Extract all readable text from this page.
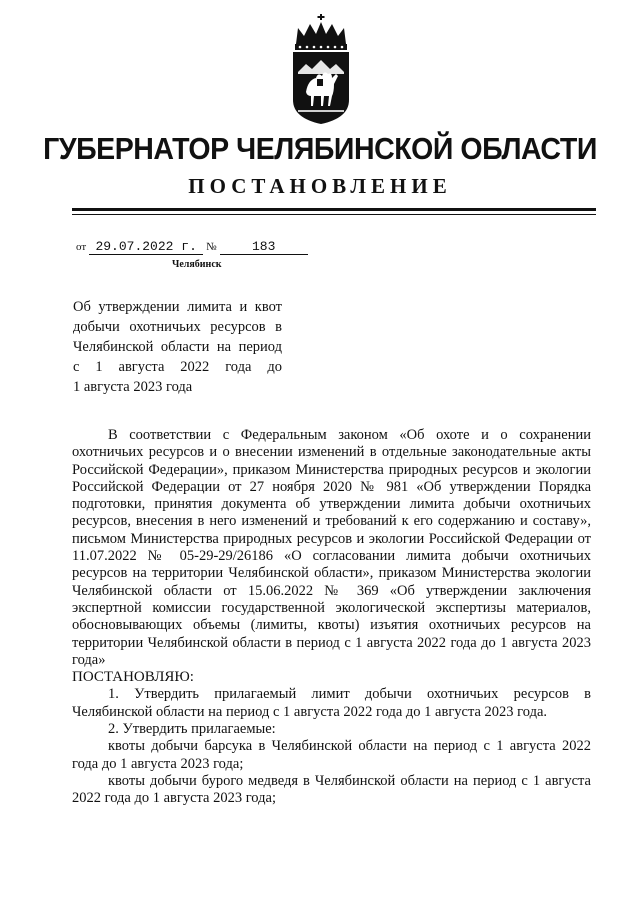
ГУБЕРНАТОР ЧЕЛЯБИНСКОЙ ОБЛАСТИ
ПОСТАНОВЛЕНИЕ
от 29.07.2022 г. №	183
Челябинск
Об утверждении лимита и квот
добычи охотничьих ресурсов в
Челябинской области на период
с 1 августа 2022 года до
1 августа 2023 года

В соответствии с Федеральным законом «Об охоте и о сохранении охотничьих ресурсов и о внесении изменений в отдельные законодательные акты Российской Федерации», приказом Министерства природных ресурсов и экологии Российской Федерации от 27 ноября 2020 № 981 «Об утверждении Порядка подготовки, принятия документа об утверждении лимита добычи охотничьих ресурсов, внесения в него изменений и требований к его содержанию и составу», письмом Министерства природных ресурсов и экологии Российской Федерации от 11.07.2022 № 05-29-29/26186 «О согласовании лимита добычи охотничьих ресурсов на территории Челябинской области», приказом Министерства экологии Челябинской области от 15.06.2022 № 369 «Об утверждении заключения экспертной комиссии государственной экологической экспертизы материалов, обосновывающих объемы (лимиты, квоты) изъятия охотничьих ресурсов на территории Челябинской области в период с 1 августа 2022 года до 1 августа 2023 года»

ПОСТАНОВЛЯЮ:

1. Утвердить прилагаемый лимит добычи охотничьих ресурсов в Челябинской области на период с 1 августа 2022 года до 1 августа 2023 года.

2. Утвердить прилагаемые:

квоты добычи барсука в Челябинской области на период с 1 августа 2022 года до 1 августа 2023 года;

квоты добычи бурого медведя в Челябинской области на период с 1 августа 2022 года до 1 августа 2023 года;
